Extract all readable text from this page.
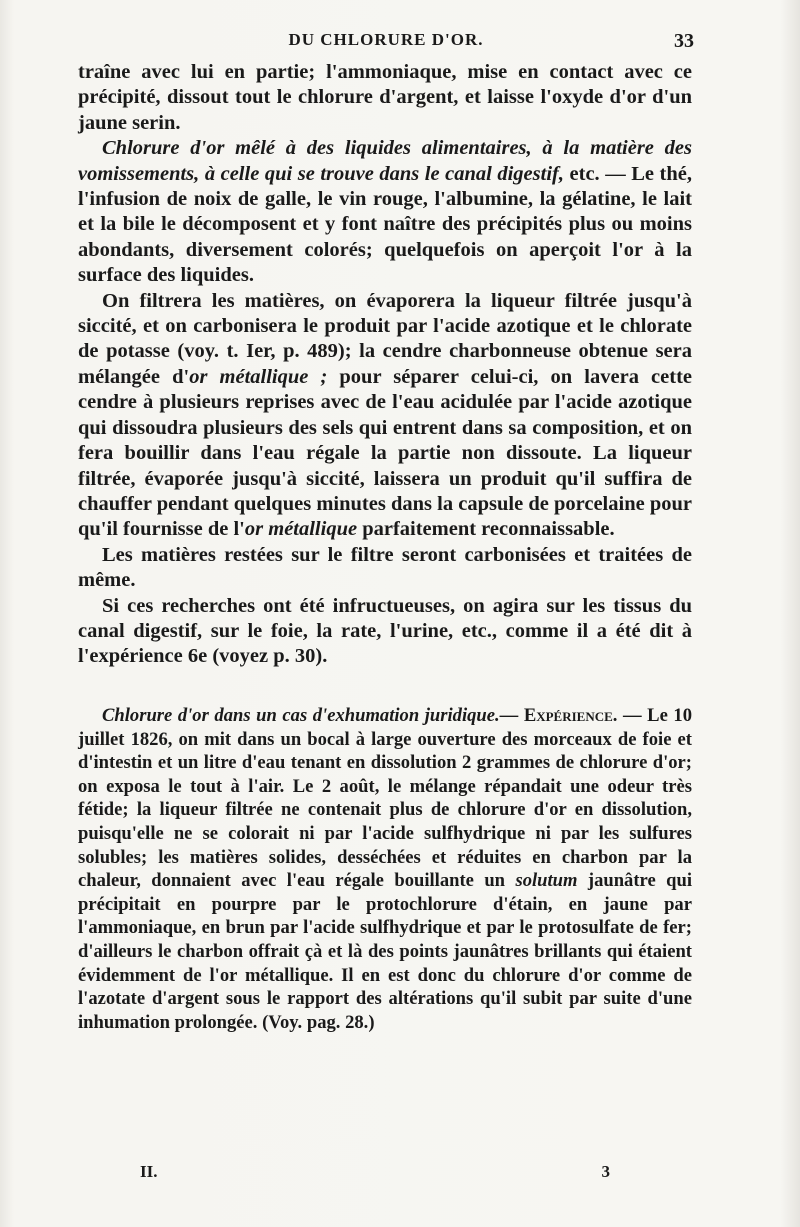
DU CHLORURE D'OR.	33

traîne avec lui en partie; l'ammoniaque, mise en contact avec ce précipité, dissout tout le chlorure d'argent, et laisse l'oxyde d'or d'un jaune serin.

Chlorure d'or mêlé à des liquides alimentaires, à la matière des vomissements, à celle qui se trouve dans le canal digestif, etc. — Le thé, l'infusion de noix de galle, le vin rouge, l'albumine, la gélatine, le lait et la bile le décomposent et y font naître des précipités plus ou moins abondants, diversement colorés; quelquefois on aperçoit l'or à la surface des liquides.

On filtrera les matières, on évaporera la liqueur filtrée jusqu'à siccité, et on carbonisera le produit par l'acide azotique et le chlorate de potasse (voy. t. Ier, p. 489); la cendre charbonneuse obtenue sera mélangée d'or métallique ; pour séparer celui-ci, on lavera cette cendre à plusieurs reprises avec de l'eau acidulée par l'acide azotique qui dissoudra plusieurs des sels qui entrent dans sa composition, et on fera bouillir dans l'eau régale la partie non dissoute. La liqueur filtrée, évaporée jusqu'à siccité, laissera un produit qu'il suffira de chauffer pendant quelques minutes dans la capsule de porcelaine pour qu'il fournisse de l'or métallique parfaitement reconnaissable.

Les matières restées sur le filtre seront carbonisées et traitées de même.

Si ces recherches ont été infructueuses, on agira sur les tissus du canal digestif, sur le foie, la rate, l'urine, etc., comme il a été dit à l'expérience 6e (voyez p. 30).

Chlorure d'or dans un cas d'exhumation juridique.— Expérience. — Le 10 juillet 1826, on mit dans un bocal à large ouverture des morceaux de foie et d'intestin et un litre d'eau tenant en dissolution 2 grammes de chlorure d'or; on exposa le tout à l'air. Le 2 août, le mélange répandait une odeur très fétide; la liqueur filtrée ne contenait plus de chlorure d'or en dissolution, puisqu'elle ne se colorait ni par l'acide sulfhydrique ni par les sulfures solubles; les matières solides, desséchées et réduites en charbon par la chaleur, donnaient avec l'eau régale bouillante un solutum jaunâtre qui précipitait en pourpre par le protochlorure d'étain, en jaune par l'ammoniaque, en brun par l'acide sulfhydrique et par le protosulfate de fer; d'ailleurs le charbon offrait çà et là des points jaunâtres brillants qui étaient évidemment de l'or métallique. Il en est donc du chlorure d'or comme de l'azotate d'argent sous le rapport des altérations qu'il subit par suite d'une inhumation prolongée. (Voy. pag. 28.)

II.	3
